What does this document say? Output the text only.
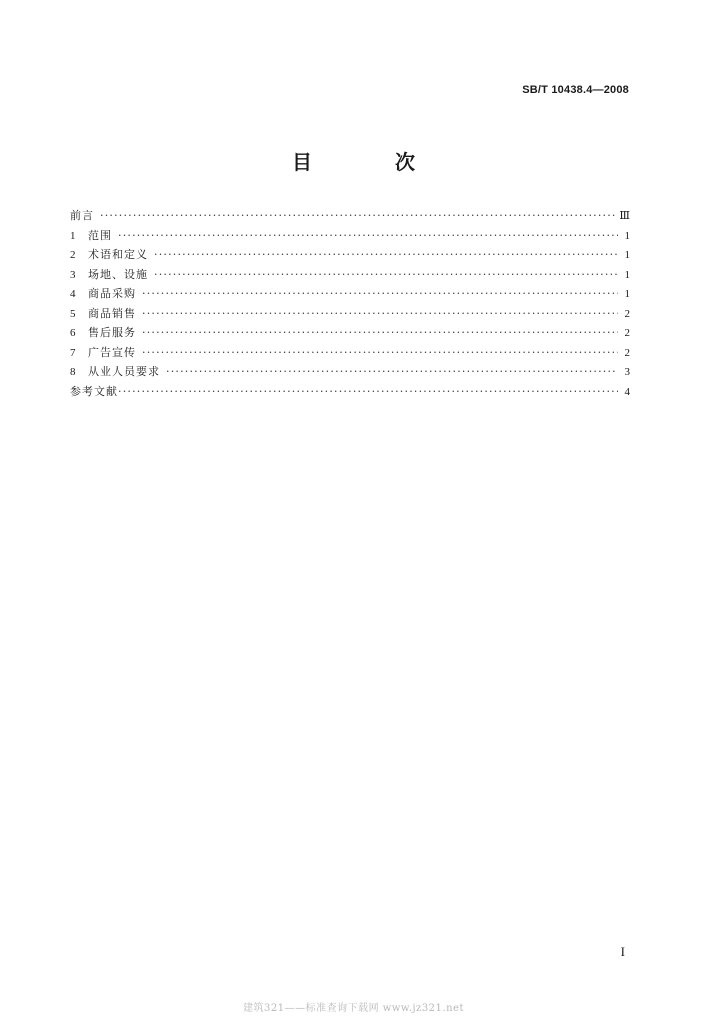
SB/T 10438.4—2008
目 次
前言 ·····	Ⅲ
1	范围 ·····	1
2	术语和定义 ·····	1
3	场地、设施 ·····	1
4	商品采购 ·····	1
5	商品销售 ·····	2
6	售后服务 ·····	2
7	广告宣传 ·····	2
8	从业人员要求 ·····	3
参考文献 ·····	4
I
建筑321——标准查询下载网 www.jz321.net
